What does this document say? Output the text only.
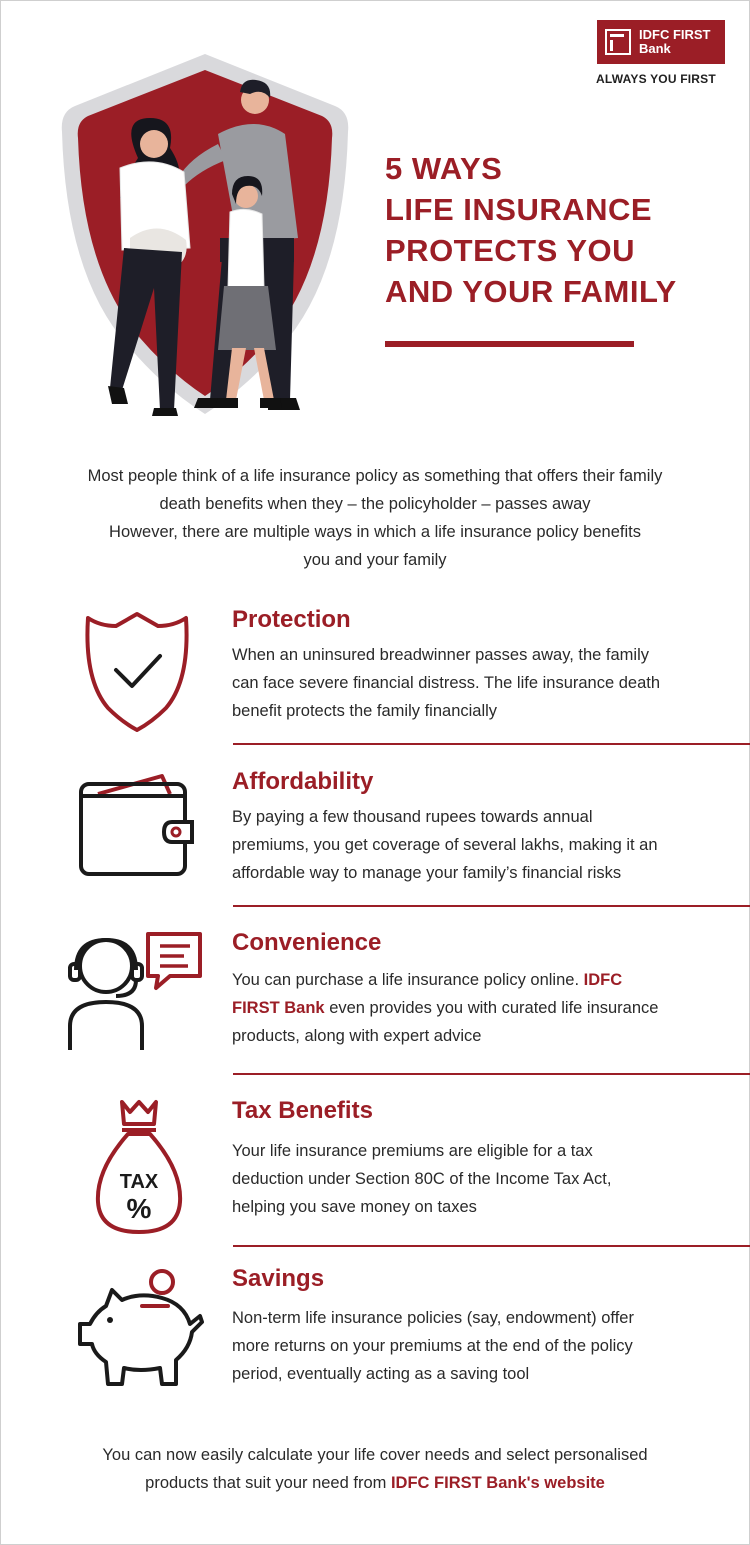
IDFC FIRST
Bank
ALWAYS YOU FIRST
5 WAYS
LIFE INSURANCE
PROTECTS YOU
AND YOUR FAMILY

Most people think of a life insurance policy as something that offers their family

death benefits when they – the policyholder – passes away

However, there are multiple ways in which a life insurance policy benefits

you and your family

Protection
When an uninsured breadwinner passes away, the family
can face severe financial distress. The life insurance death
benefit protects the family financially
Affordability
By paying a few thousand rupees towards annual
premiums, you get coverage of several lakhs, making it an
affordable way to manage your family’s financial risks
Convenience
You can purchase a life insurance policy online. IDFC
FIRST Bank even provides you with curated life insurance
products, along with expert advice
TAX
%
Tax Benefits
Your life insurance premiums are eligible for a tax
deduction under Section 80C of the Income Tax Act,
helping you save money on taxes
Savings
Non-term life insurance policies (say, endowment) offer
more returns on your premiums at the end of the policy
period, eventually acting as a saving tool
You can now easily calculate your life cover needs and select personalised
products that suit your need from IDFC FIRST Bank's website
